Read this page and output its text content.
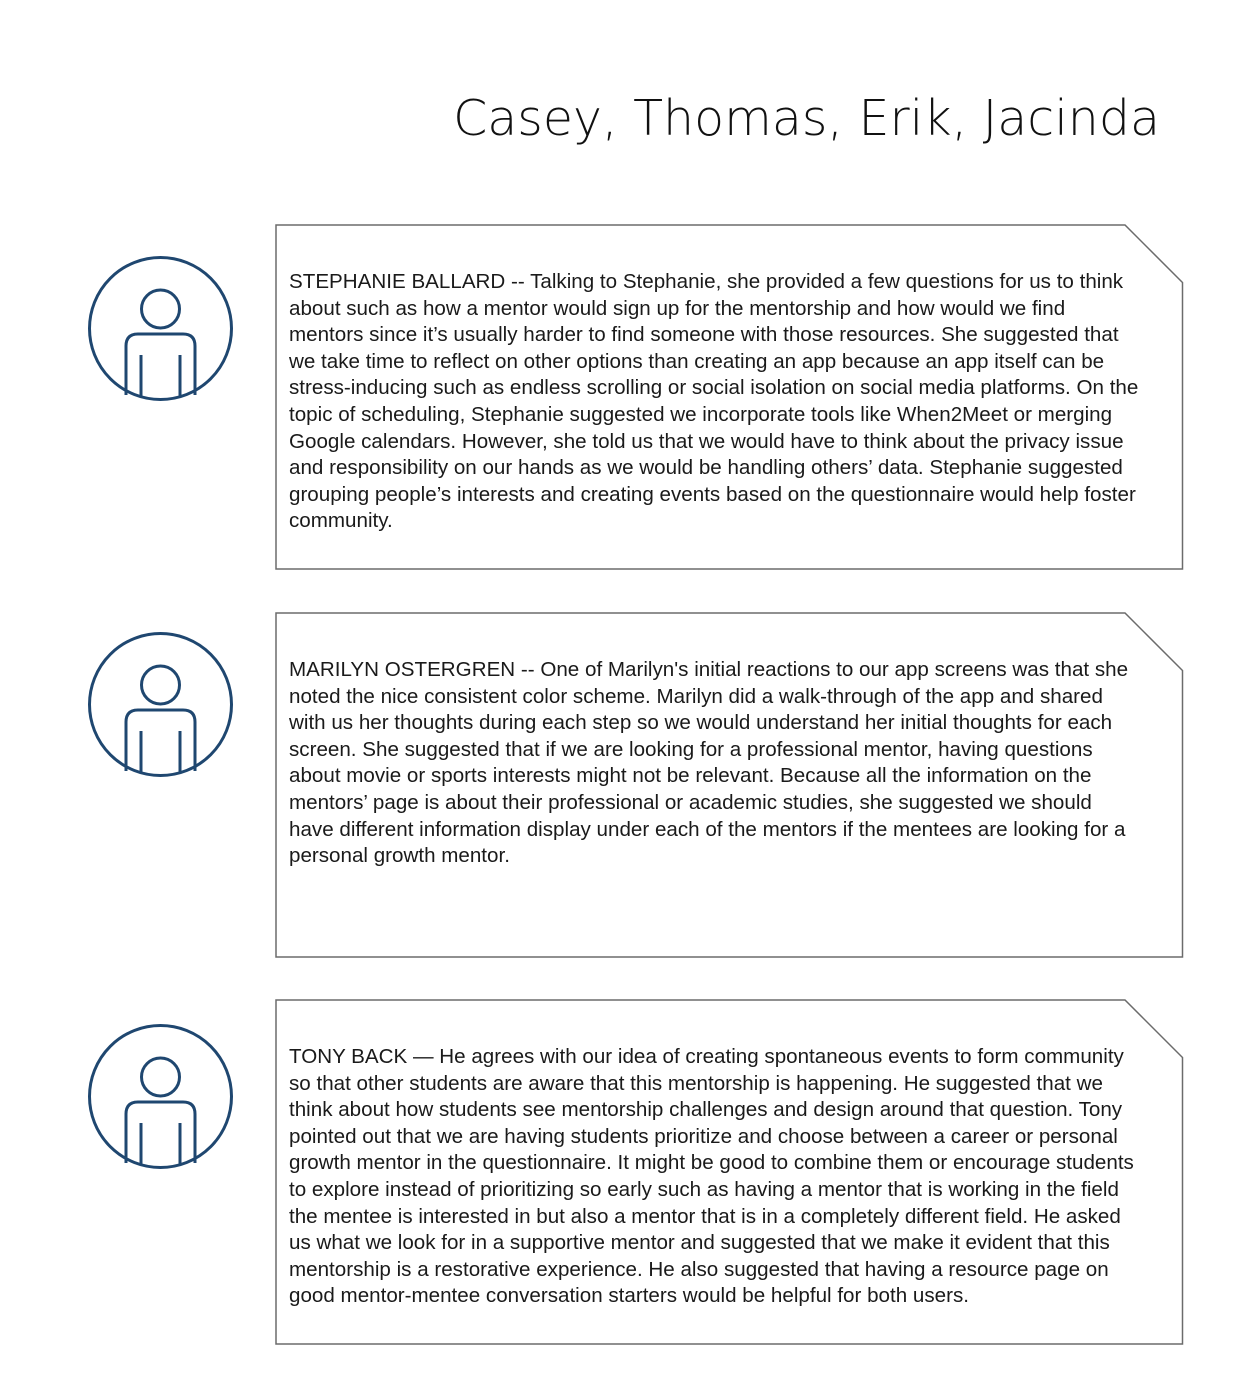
Casey, Thomas, Erik, Jacinda

STEPHANIE BALLARD -- Talking to Stephanie, she provided a few questions for us to think about such as how a mentor would sign up for the mentorship and how would we find mentors since it’s usually harder to find someone with those resources. She suggested that we take time to reflect on other options than creating an app because an app itself can be stress-inducing such as endless scrolling or social isolation on social media platforms. On the topic of scheduling, Stephanie suggested we incorporate tools like When2Meet or merging Google calendars. However, she told us that we would have to think about the privacy issue and responsibility on our hands as we would be handling others’ data. Stephanie suggested grouping people’s interests and creating events based on the questionnaire would help foster community.

MARILYN OSTERGREN -- One of Marilyn's initial reactions to our app screens was that she noted the nice consistent color scheme. Marilyn did a walk-through of the app and shared with us her thoughts during each step so we would understand her initial thoughts for each screen. She suggested that if we are looking for a professional mentor, having questions about movie or sports interests might not be relevant. Because all the information on the mentors’ page is about their professional or academic studies, she suggested we should have different information display under each of the mentors if the mentees are looking for a personal growth mentor.

TONY BACK — He agrees with our idea of creating spontaneous events to form community so that other students are aware that this mentorship is happening. He suggested that we think about how students see mentorship challenges and design around that question. Tony pointed out that we are having students prioritize and choose between a career or personal growth mentor in the questionnaire. It might be good to combine them or encourage students to explore instead of prioritizing so early such as having a mentor that is working in the field the mentee is interested in but also a mentor that is in a completely different field. He asked us what we look for in a supportive mentor and suggested that we make it evident that this mentorship is a restorative experience. He also suggested that having a resource page on good mentor-mentee conversation starters would be helpful for both users.
